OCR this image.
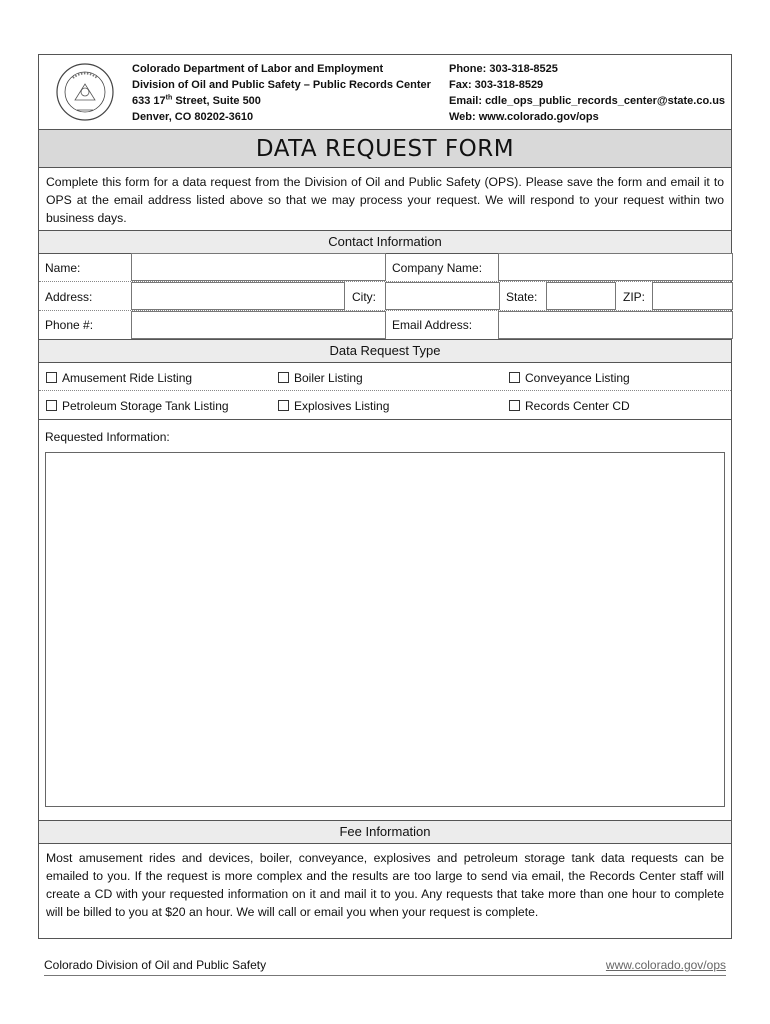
Colorado Department of Labor and Employment
Division of Oil and Public Safety – Public Records Center
633 17th Street, Suite 500
Denver, CO 80202-3610
Phone: 303-318-8525
Fax: 303-318-8529
Email: cdle_ops_public_records_center@state.co.us
Web: www.colorado.gov/ops
DATA REQUEST FORM
Complete this form for a data request from the Division of Oil and Public Safety (OPS). Please save the form and email it to OPS at the email address listed above so that we may process your request. We will respond to your request within two business days.
Contact Information
Name:	Company Name:
Address:	City:	State:	ZIP:
Phone #:	Email Address:
Data Request Type
Amusement Ride Listing	Boiler Listing	Conveyance Listing
Petroleum Storage Tank Listing	Explosives Listing	Records Center CD
Requested Information:
Fee Information
Most amusement rides and devices, boiler, conveyance, explosives and petroleum storage tank data requests can be emailed to you. If the request is more complex and the results are too large to send via email, the Records Center staff will create a CD with your requested information on it and mail it to you. Any requests that take more than one hour to complete will be billed to you at $20 an hour. We will call or email you when your request is complete.
Colorado Division of Oil and Public Safety	www.colorado.gov/ops
